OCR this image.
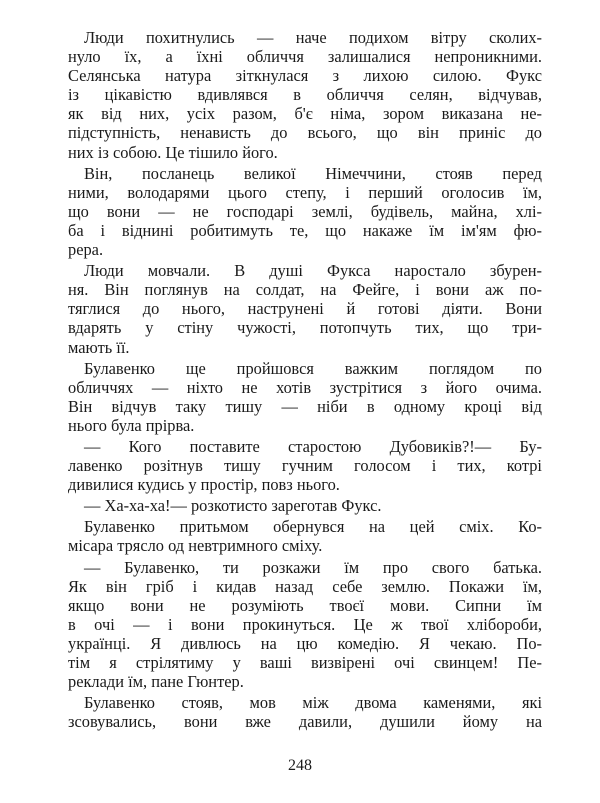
Люди похитнулись — наче подихом вітру сколих-
нуло їх, а їхні обличчя залишалися непроникними.
Селянська натура зіткнулася з лихою силою. Фукс
із цікавістю вдивлявся в обличчя селян, відчував,
як від них, усіх разом, б'є німа, зором виказана не-
підступність, ненависть до всього, що він приніс до
них із собою. Це тішило його.
Він, посланець великої Німеччини, стояв перед
ними, володарями цього степу, і перший оголосив їм,
що вони — не господарі землі, будівель, майна, хлі-
ба і віднині робитимуть те, що накаже їм ім'ям фю-
рера.
Люди мовчали. В душі Фукса наростало збурен-
ня. Він поглянув на солдат, на Фейге, і вони аж по-
тяглися до нього, наструнені й готові діяти. Вони
вдарять у стіну чужості, потопчуть тих, що три-
мають її.
Булавенко ще пройшовся важким поглядом по
обличчях — ніхто не хотів зустрітися з його очима.
Він відчув таку тишу — ніби в одному кроці від
нього була прірва.
— Кого поставите старостою Дубовиків?!— Бу-
лавенко розітнув тишу гучним голосом і тих, котрі
дивилися кудись у простір, повз нього.
— Ха-ха-ха!— розкотисто зареготав Фукс.
Булавенко притьмом обернувся на цей сміх. Ко-
місара трясло од невтримного сміху.
— Булавенко, ти розкажи їм про свого батька.
Як він гріб і кидав назад себе землю. Покажи їм,
якщо вони не розуміють твоєї мови. Сипни їм
в очі — і вони прокинуться. Це ж твої хлібороби,
українці. Я дивлюсь на цю комедію. Я чекаю. По-
тім я стрілятиму у ваші визвірені очі свинцем! Пе-
реклади їм, пане Гюнтер.
Булавенко стояв, мов між двома каменями, які
зсовувались, вони вже давили, душили йому на
248
